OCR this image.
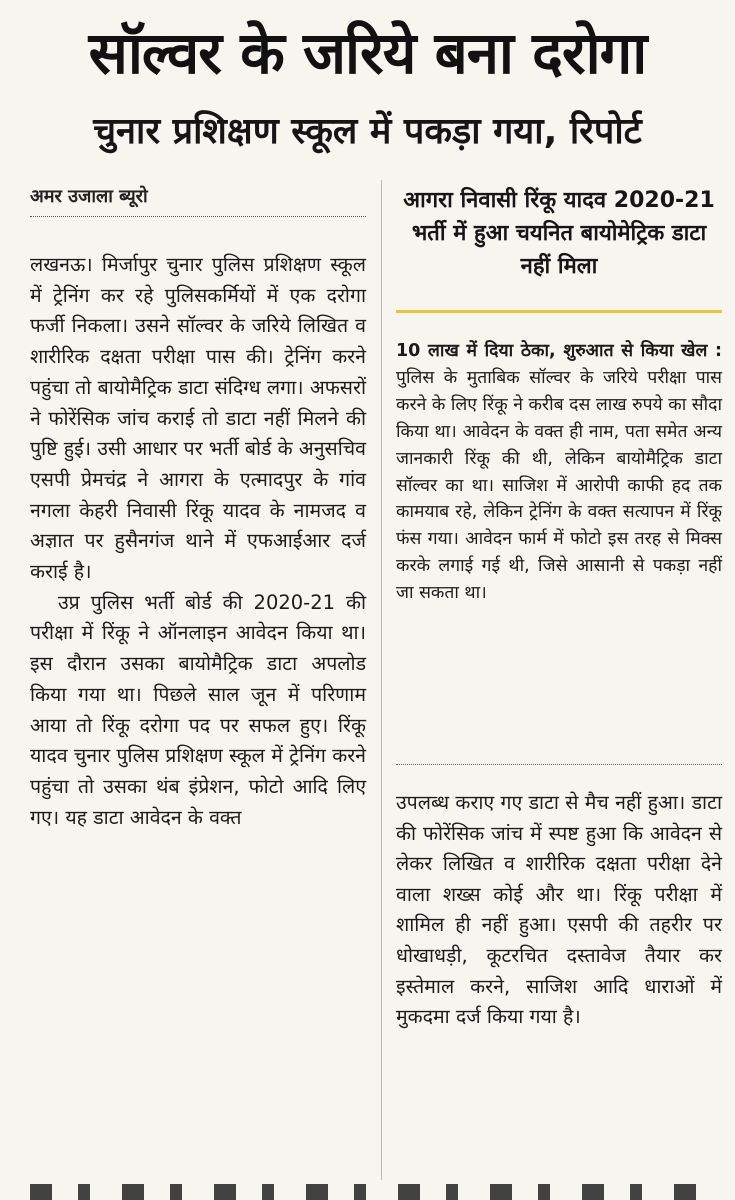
सॉल्वर के जरिये बना दरोगा
चुनार प्रशिक्षण स्कूल में पकड़ा गया, रिपोर्ट
अमर उजाला ब्यूरो

लखनऊ। मिर्जापुर चुनार पुलिस प्रशिक्षण स्कूल में ट्रेनिंग कर रहे पुलिसकर्मियों में एक दरोगा फर्जी निकला। उसने सॉल्वर के जरिये लिखित व शारीरिक दक्षता परीक्षा पास की। ट्रेनिंग करने पहुंचा तो बायोमैट्रिक डाटा संदिग्ध लगा। अफसरों ने फोरेंसिक जांच कराई तो डाटा नहीं मिलने की पुष्टि हुई। उसी आधार पर भर्ती बोर्ड के अनुसचिव एसपी प्रेमचंद्र ने आगरा के एत्मादपुर के गांव नगला केहरी निवासी रिंकू यादव के नामजद व अज्ञात पर हुसैनगंज थाने में एफआईआर दर्ज कराई है।

उप्र पुलिस भर्ती बोर्ड की 2020-21 की परीक्षा में रिंकू ने ऑनलाइन आवेदन किया था। इस दौरान उसका बायोमैट्रिक डाटा अपलोड किया गया था। पिछले साल जून में परिणाम आया तो रिंकू दरोगा पद पर सफल हुए। रिंकू यादव चुनार पुलिस प्रशिक्षण स्कूल में ट्रेनिंग करने पहुंचा तो उसका थंब इंप्रेशन, फोटो आदि लिए गए। यह डाटा आवेदन के वक्त

आगरा निवासी रिंकू यादव 2020-21 भर्ती में हुआ चयनित बायोमेट्रिक डाटा नहीं मिला

10 लाख में दिया ठेका, शुरुआत से किया खेल : पुलिस के मुताबिक सॉल्वर के जरिये परीक्षा पास करने के लिए रिंकू ने करीब दस लाख रुपये का सौदा किया था। आवेदन के वक्त ही नाम, पता समेत अन्य जानकारी रिंकू की थी, लेकिन बायोमैट्रिक डाटा सॉल्वर का था। साजिश में आरोपी काफी हद तक कामयाब रहे, लेकिन ट्रेनिंग के वक्त सत्यापन में रिंकू फंस गया। आवेदन फार्म में फोटो इस तरह से मिक्स करके लगाई गई थी, जिसे आसानी से पकड़ा नहीं जा सकता था।

उपलब्ध कराए गए डाटा से मैच नहीं हुआ। डाटा की फोरेंसिक जांच में स्पष्ट हुआ कि आवेदन से लेकर लिखित व शारीरिक दक्षता परीक्षा देने वाला शख्स कोई और था। रिंकू परीक्षा में शामिल ही नहीं हुआ। एसपी की तहरीर पर धोखाधड़ी, कूटरचित दस्तावेज तैयार कर इस्तेमाल करने, साजिश आदि धाराओं में मुकदमा दर्ज किया गया है।
